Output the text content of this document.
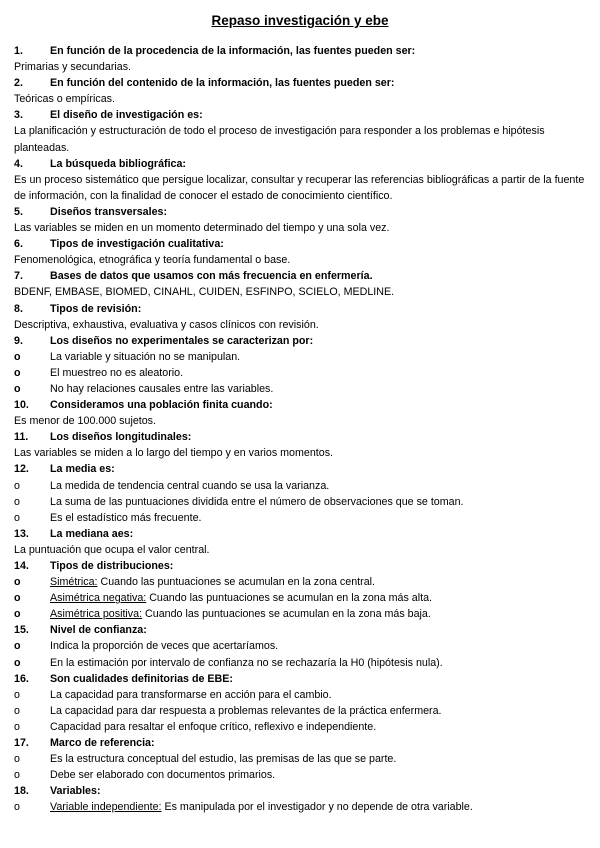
Repaso investigación y ebe
1.	En función de la procedencia de la información, las fuentes pueden ser:
Primarias y secundarias.
2.	En función del contenido de la información, las fuentes pueden ser:
Teóricas o empíricas.
3.	El diseño de investigación es:
La planificación y estructuración de todo el proceso de investigación para responder a los problemas e hipótesis planteadas.
4.	La búsqueda bibliográfica:
Es un proceso sistemático que persigue localizar, consultar y recuperar las referencias bibliográficas a partir de la fuente de información, con la finalidad de conocer el estado de conocimiento científico.
5.	Diseños transversales:
Las variables se miden en un momento determinado del tiempo y una sola vez.
6.	Tipos de investigación cualitativa:
Fenomenológica, etnográfica y teoría fundamental o base.
7.	Bases de datos que usamos con más frecuencia en enfermería.
BDENF, EMBASE, BIOMED, CINAHL, CUIDEN, ESFINPO, SCIELO, MEDLINE.
8.	Tipos de revisión:
Descriptiva, exhaustiva, evaluativa y casos clínicos con revisión.
9.	Los diseños no experimentales se caracterizan por:
o	La variable y situación no se manipulan.
o	El muestreo no es aleatorio.
o	No hay relaciones causales entre las variables.
10.	Consideramos una población finita cuando:
Es menor de 100.000 sujetos.
11.	Los diseños longitudinales:
Las variables se miden a lo largo del tiempo y en varios momentos.
12.	La media es:
o	La medida de tendencia central cuando se usa la varianza.
o	La suma de las puntuaciones dividida entre el número de observaciones que se toman.
o	Es el estadístico más frecuente.
13.	La mediana aes:
La puntuación que ocupa el valor central.
14.	Tipos de distribuciones:
o	Simétrica: Cuando las puntuaciones se acumulan en la zona central.
o	Asimétrica negativa: Cuando las puntuaciones se acumulan en la zona más alta.
o	Asimétrica positiva: Cuando las puntuaciones se acumulan en la zona más baja.
15.	Nivel de confianza:
o	Indica la proporción de veces que acertaríamos.
o	En la estimación por intervalo de confianza no se rechazaría la H0 (hipótesis nula).
16.	Son cualidades definitorias de EBE:
o	La capacidad para transformarse en acción para el cambio.
o	La capacidad para dar respuesta a problemas relevantes de la práctica enfermera.
o	Capacidad para resaltar el enfoque crítico, reflexivo e independiente.
17.	Marco de referencia:
o	Es la estructura conceptual del estudio, las premisas de las que se parte.
o	Debe ser elaborado con documentos primarios.
18.	Variables:
o	Variable independiente: Es manipulada por el investigador y no depende de otra variable.
